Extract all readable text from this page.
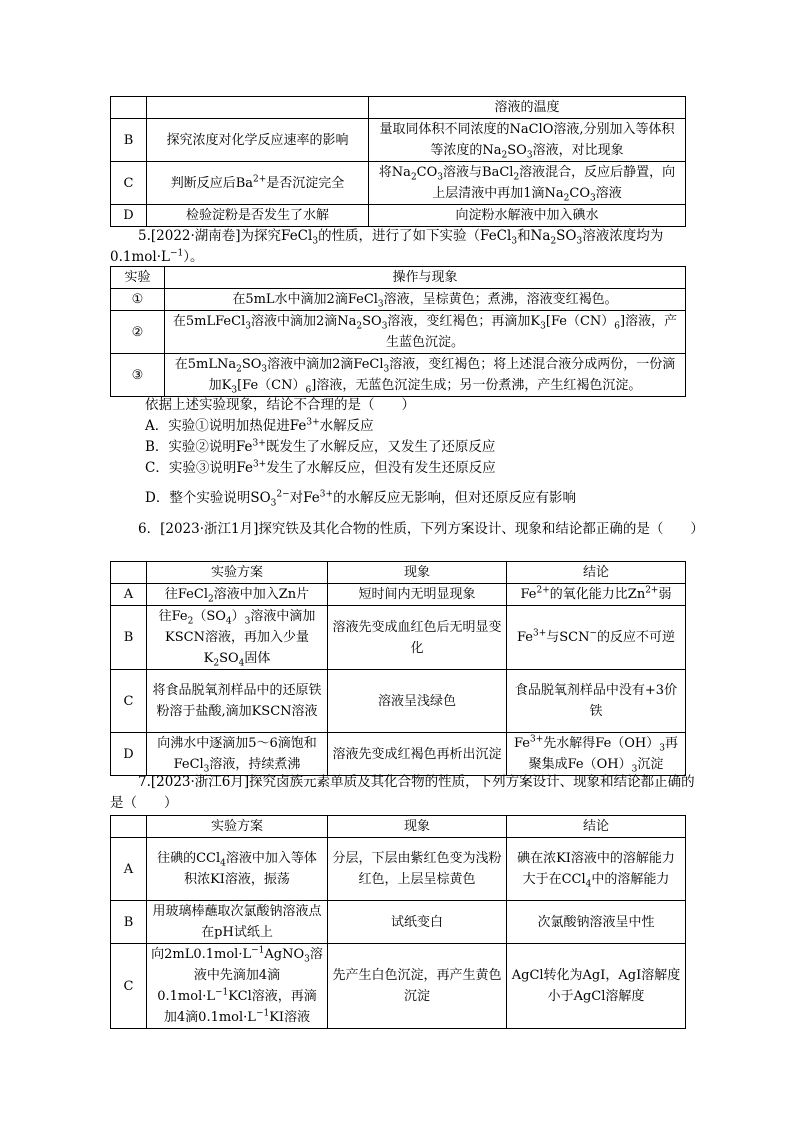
		溶液的温度
B	探究浓度对化学反应速率的影响	量取同体积不同浓度的NaClO溶液,分别加入等体积等浓度的$Na_2SO_3$溶液，对比现象
C	判断反应后$Ba^{2+}$是否沉淀完全	将$Na_2CO_3$溶液与BaCl$_2$溶液混合，反应后静置，向上层清液中再加1滴$Na_2CO_3$溶液
D	检验淀粉是否发生了水解	向淀粉水解液中加入碘水
5.[2022·湖南卷]为探究FeCl$_3$的性质，进行了如下实验（FeCl$_3$和$Na_2SO_3$溶液浓度均为$0.1mol\cdot L^{-1}$）。
实验	操作与现象
①	在5mL水中滴加2滴FeCl$_3$溶液，呈棕黄色；煮沸，溶液变红褐色。
②	在5mLFeCl$_3$溶液中滴加2滴$Na_2SO_3$溶液，变红褐色；再滴加$K_3[Fe(CN)_6]$溶液，产生蓝色沉淀。
③	在$5mLNa_2SO_3$溶液中滴加2滴FeCl$_3$溶液，变红褐色；将上述混合液分成两份，一份滴加$K_3[Fe(CN)_6]$溶液，无蓝色沉淀生成；另一份煮沸，产生红褐色沉淀。
依据上述实验现象，结论不合理的是（　　）
A．实验①说明加热促进$Fe^{3+}$水解反应
B．实验②说明$Fe^{3+}$既发生了水解反应，又发生了还原反应
C．实验③说明$Fe^{3+}$发生了水解反应，但没有发生还原反应
D．整个实验说明$SO_3^{2-}$对$Fe^{3+}$的水解反应无影响，但对还原反应有影响
6．[2023·浙江1月]探究铁及其化合物的性质，下列方案设计、现象和结论都正确的是（　　）
	实验方案	现象	结论
A	往FeCl$_2$溶液中加入Zn片	短时间内无明显现象	$Fe^{2+}$的氧化能力比$Zn^{2+}$弱
B	往$Fe_2(SO_4)_3$溶液中滴加KSCN溶液，再加入少量$K_2SO_4$固体	溶液先变成血红色后无明显变化	$Fe^{3+}$与SCN−的反应不可逆
C	将食品脱氧剂样品中的还原铁粉溶于盐酸,滴加KSCN溶液	溶液呈浅绿色	食品脱氧剂样品中没有+3价铁
D	向沸水中逐滴加5～6滴饱和FeCl$_3$溶液，持续煮沸	溶液先变成红褐色再析出沉淀	$Fe^{3+}$先水解得$Fe(OH)_3$再聚集成$Fe(OH)_3$沉淀
7.[2023·浙江6月]探究卤族元素单质及其化合物的性质，下列方案设计、现象和结论都正确的是（　　）
	实验方案	现象	结论
A	往碘的CCl$_4$溶液中加入等体积浓KI溶液，振荡	分层，下层由紫红色变为浅粉红色，上层呈棕黄色	碘在浓KI溶液中的溶解能力大于在CCl$_4$中的溶解能力
B	用玻璃棒蘸取次氯酸钠溶液点在pH试纸上	试纸变白	次氯酸钠溶液呈中性
C	向$2mL0.1mol\cdot L^{-1}AgNO_3$溶液中先滴加4滴$0.1mol\cdot L^{-1}KCl$溶液，再滴加4滴$0.1mol\cdot L^{-1}KI$溶液	先产生白色沉淀，再产生黄色沉淀	AgCl转化为AgI，AgI溶解度小于AgCl溶解度
